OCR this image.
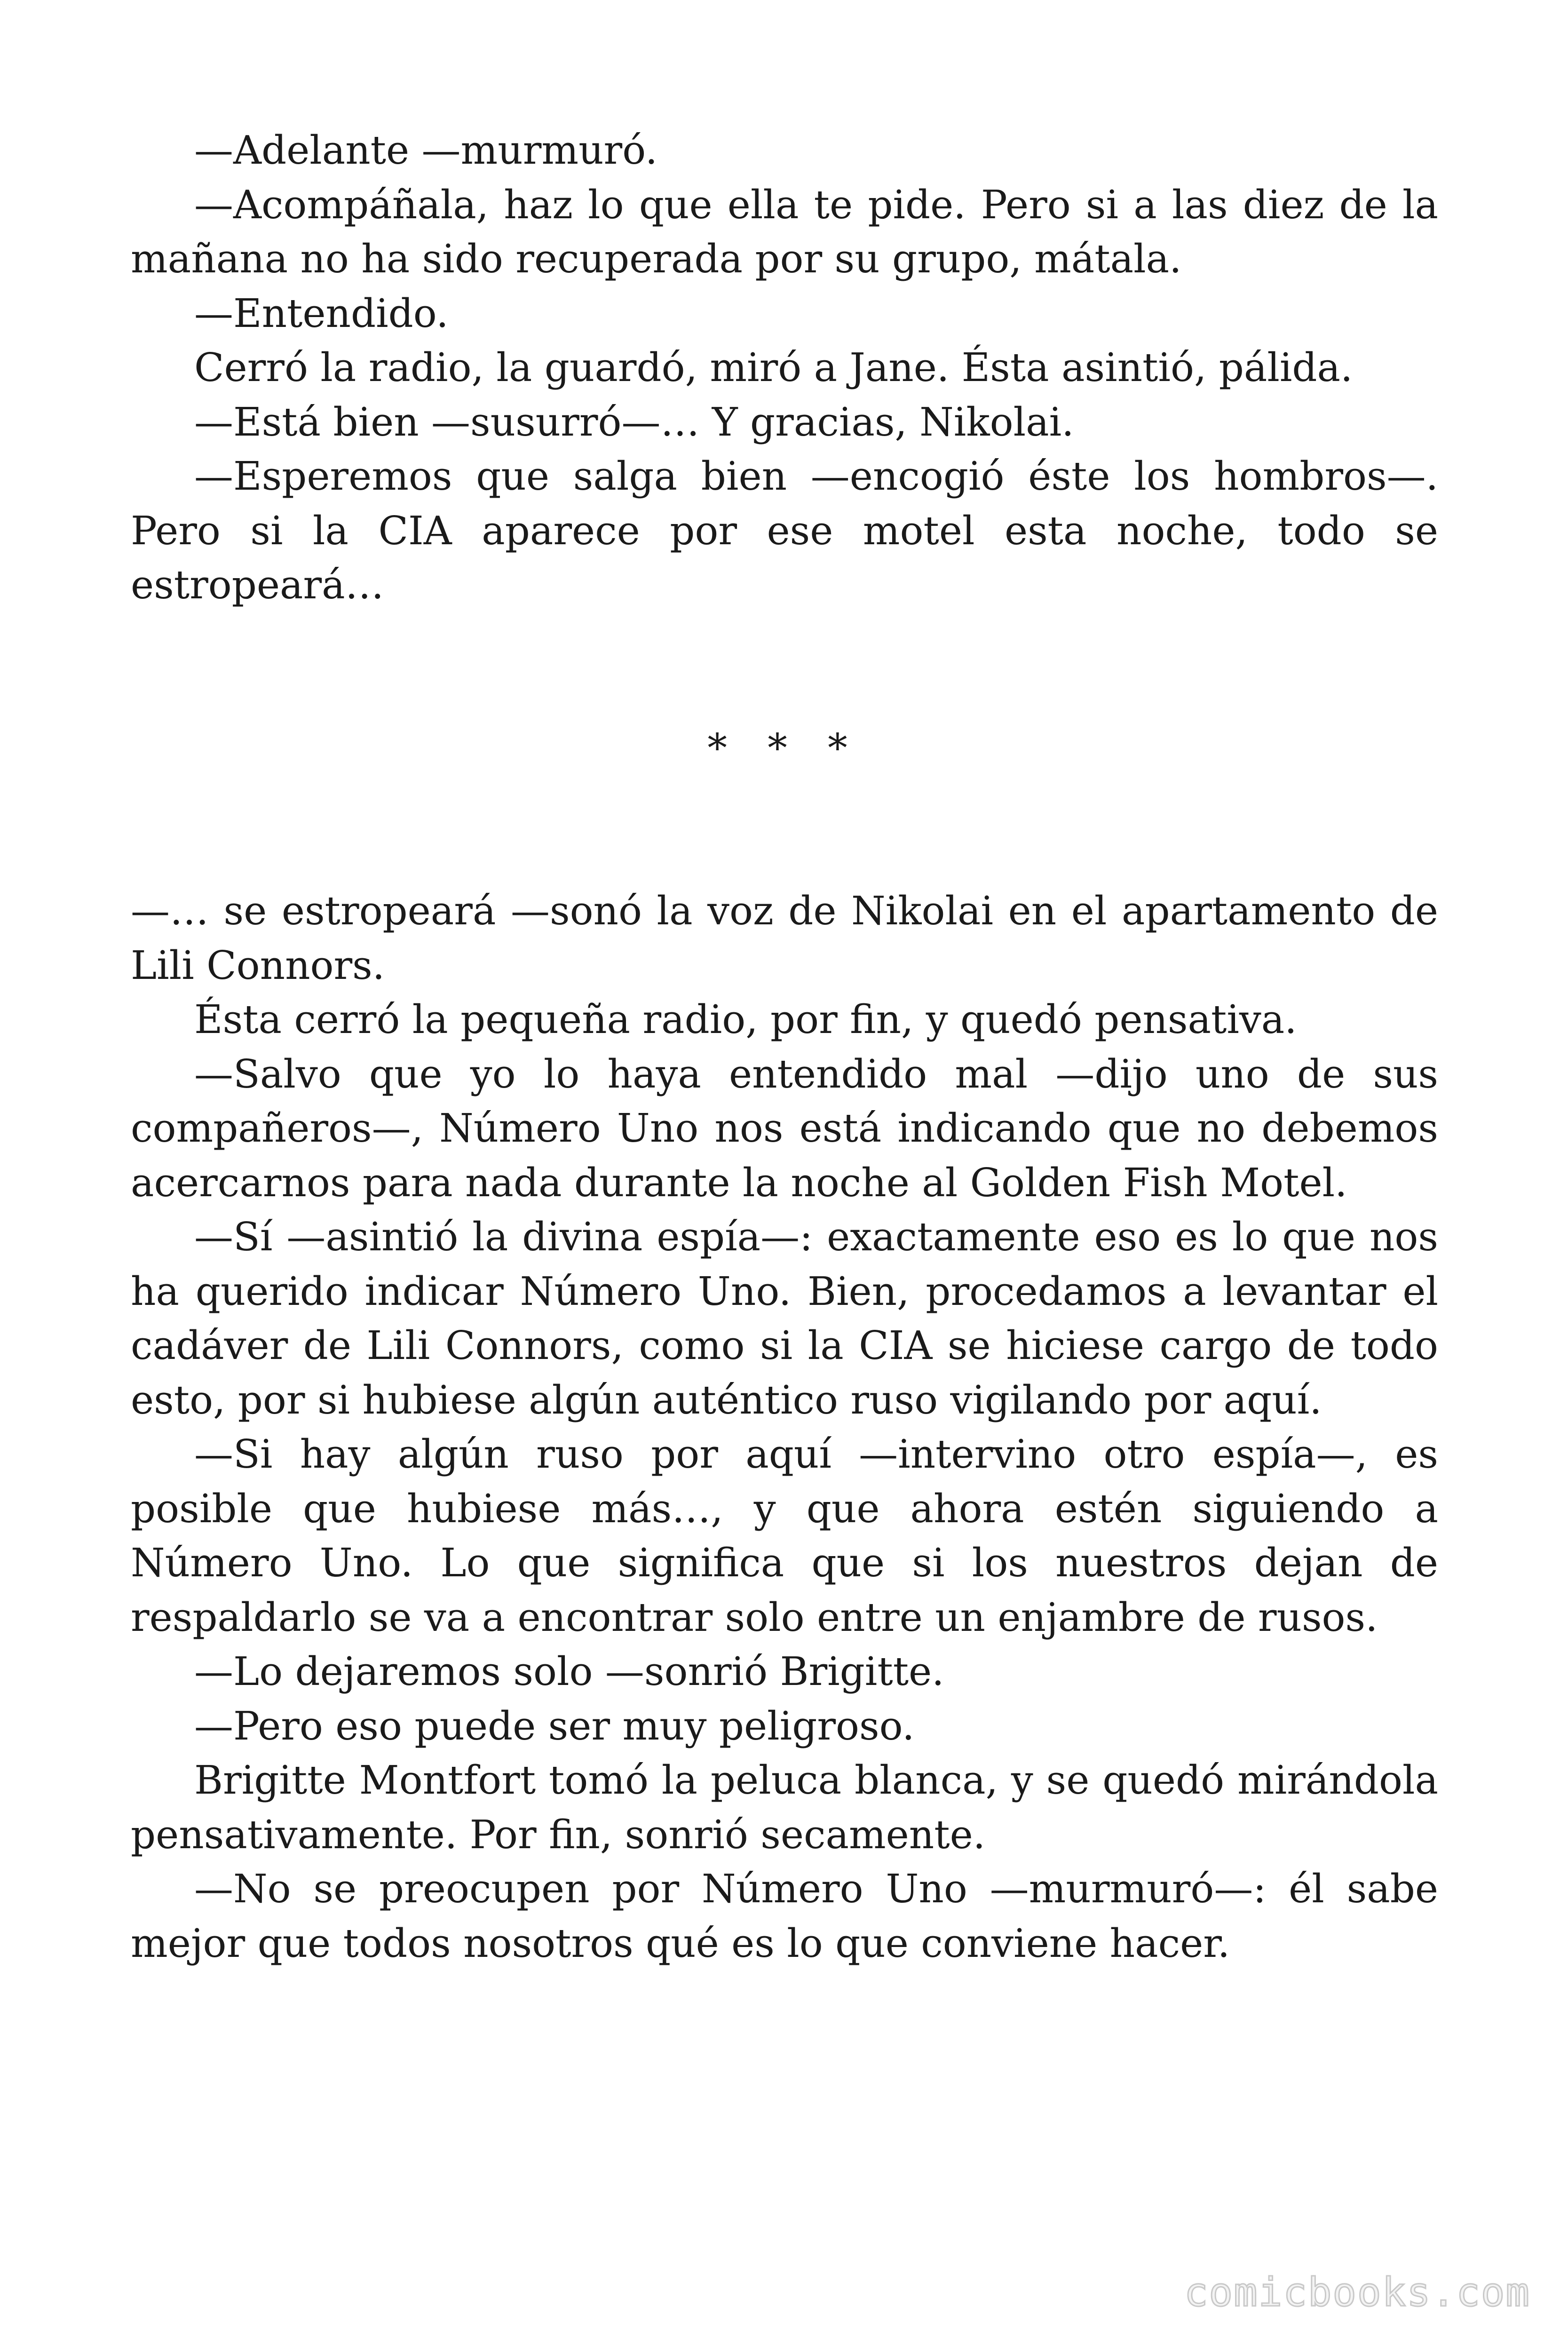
—Adelante —murmuró.

—Acompáñala, haz lo que ella te pide. Pero si a las diez de la mañana no ha sido recuperada por su grupo, mátala.

—Entendido.

Cerró la radio, la guardó, miró a Jane. Ésta asintió, pálida.

—Está bien —susurró—… Y gracias, Nikolai.

—Esperemos que salga bien —encogió éste los hombros—. Pero si la CIA aparece por ese motel esta noche, todo se estropeará…

* * *

—… se estropeará —sonó la voz de Nikolai en el apartamento de Lili Connors.

Ésta cerró la pequeña radio, por fin, y quedó pensativa.

—Salvo que yo lo haya entendido mal —dijo uno de sus compañeros—, Número Uno nos está indicando que no debemos acercarnos para nada durante la noche al Golden Fish Motel.

—Sí —asintió la divina espía—: exactamente eso es lo que nos ha querido indicar Número Uno. Bien, procedamos a levantar el cadáver de Lili Connors, como si la CIA se hiciese cargo de todo esto, por si hubiese algún auténtico ruso vigilando por aquí.

—Si hay algún ruso por aquí —intervino otro espía—, es posible que hubiese más…, y que ahora estén siguiendo a Número Uno. Lo que significa que si los nuestros dejan de respaldarlo se va a encontrar solo entre un enjambre de rusos.

—Lo dejaremos solo —sonrió Brigitte.

—Pero eso puede ser muy peligroso.

Brigitte Montfort tomó la peluca blanca, y se quedó mirándola pensativamente. Por fin, sonrió secamente.

—No se preocupen por Número Uno —murmuró—: él sabe mejor que todos nosotros qué es lo que conviene hacer.

comicbooks.com
